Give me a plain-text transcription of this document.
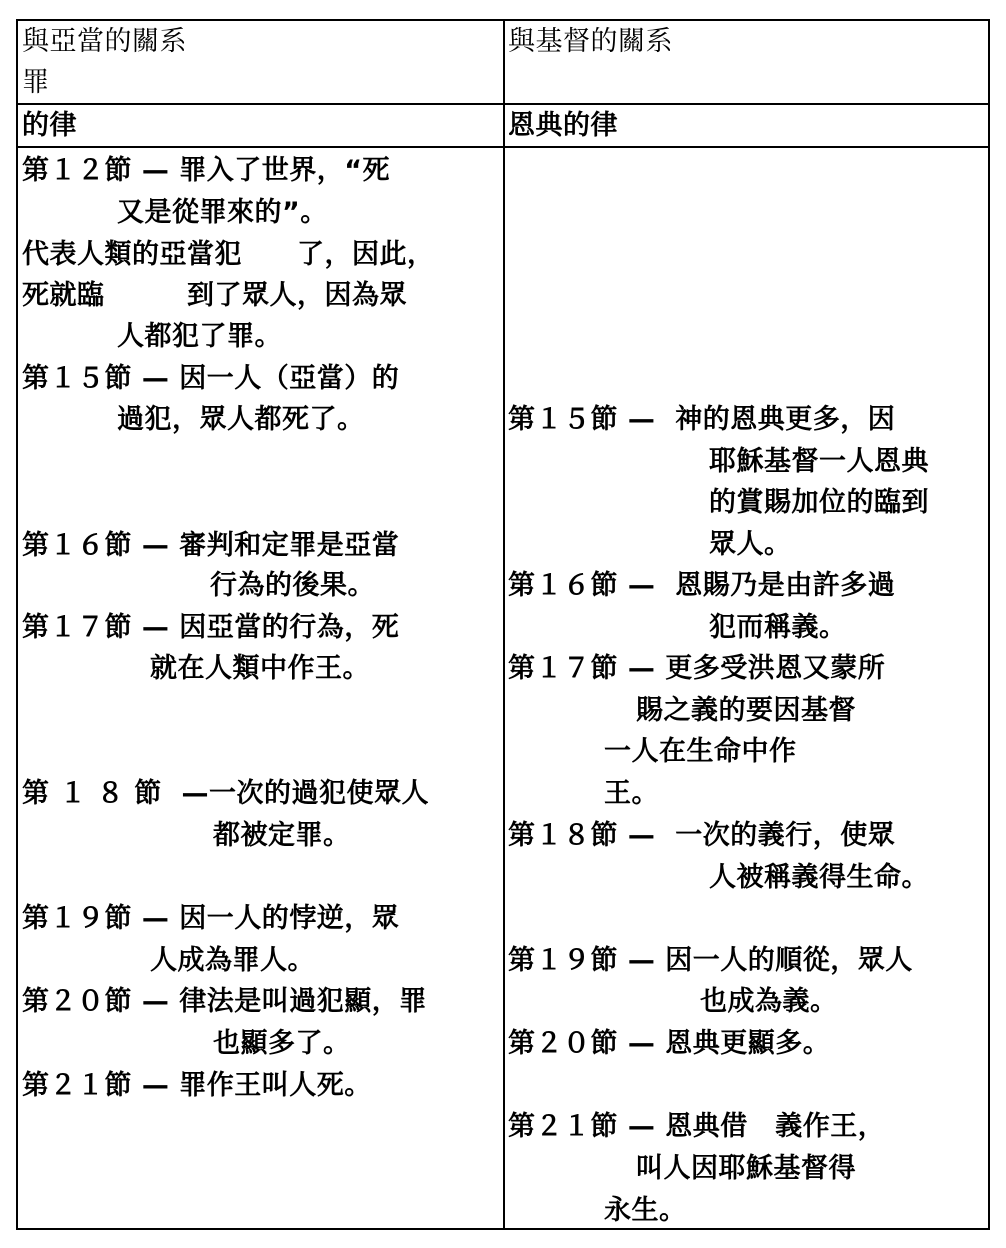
與亞當的關系
罪
與基督的關系
的律	恩典的律
第１２節 — 罪入了世界，“死
又是從罪來的”。
代表人類的亞當犯　　了，因此，
死就臨　　　到了眾人，因為眾
人都犯了罪。
第１５節 — 因一人（亞當）的
過犯，眾人都死了。
第１６節 — 審判和定罪是亞當
行為的後果。
第１７節 — 因亞當的行為，死
就在人類中作王。
第 １ ８ 節  —一次的過犯使眾人
都被定罪。
第１９節 — 因一人的悖逆，眾
人成為罪人。
第２０節 — 律法是叫過犯顯，罪
也顯多了。
第２１節 — 罪作王叫人死。
第１５節 —  神的恩典更多，因
耶穌基督一人恩典
的賞賜加位的臨到
眾人。
第１６節 —  恩賜乃是由許多過
犯而稱義。
第１７節 — 更多受洪恩又蒙所
賜之義的要因基督
一人在生命中作
王。
第１８節 —  一次的義行，使眾
人被稱義得生命。
第１９節 — 因一人的順從，眾人
也成為義。
第２０節 — 恩典更顯多。
第２１節 — 恩典借　義作王，
叫人因耶穌基督得
永生。
